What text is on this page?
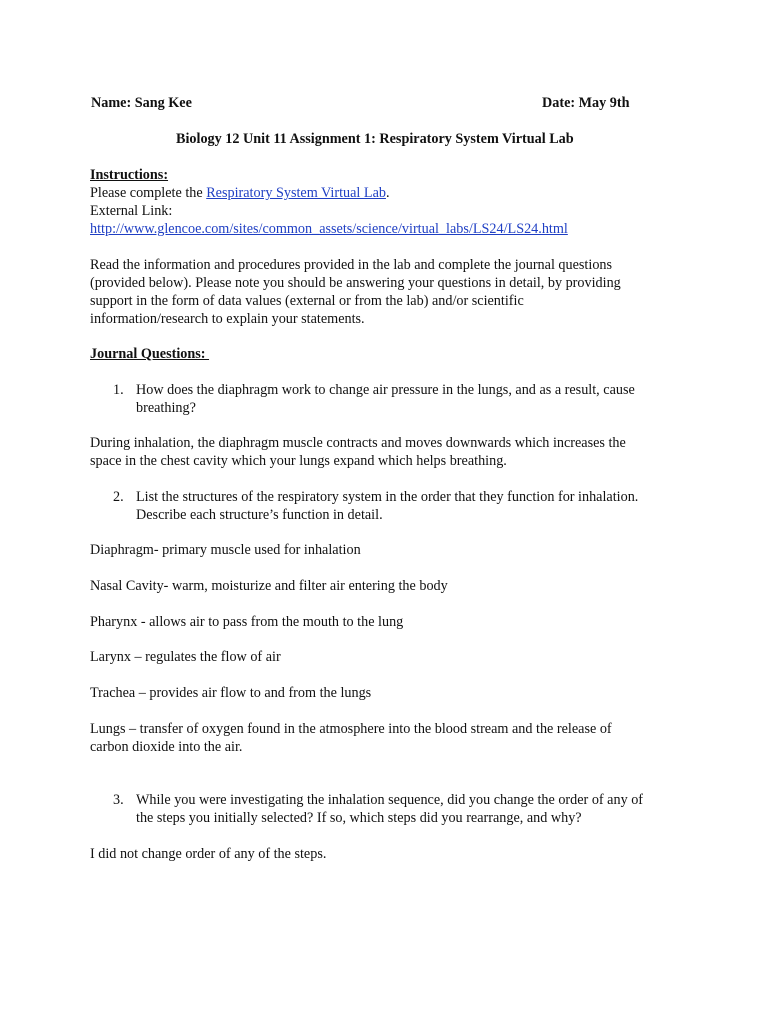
Name: Sang Kee	Date: May 9th
Biology 12 Unit 11 Assignment 1: Respiratory System Virtual Lab
Instructions:
Please complete the Respiratory System Virtual Lab.
External Link:
http://www.glencoe.com/sites/common_assets/science/virtual_labs/LS24/LS24.html
Read the information and procedures provided in the lab and complete the journal questions
(provided below). Please note you should be answering your questions in detail, by providing
support in the form of data values (external or from the lab) and/or scientific
information/research to explain your statements.
Journal Questions:
1. How does the diaphragm work to change air pressure in the lungs, and as a result, cause
breathing?
During inhalation, the diaphragm muscle contracts and moves downwards which increases the
space in the chest cavity which your lungs expand which helps breathing.
2. List the structures of the respiratory system in the order that they function for inhalation.
Describe each structure’s function in detail.
Diaphragm- primary muscle used for inhalation
Nasal Cavity- warm, moisturize and filter air entering the body
Pharynx - allows air to pass from the mouth to the lung
Larynx – regulates the flow of air
Trachea – provides air flow to and from the lungs
Lungs – transfer of oxygen found in the atmosphere into the blood stream and the release of
carbon dioxide into the air.
3. While you were investigating the inhalation sequence, did you change the order of any of
the steps you initially selected? If so, which steps did you rearrange, and why?
I did not change order of any of the steps.
